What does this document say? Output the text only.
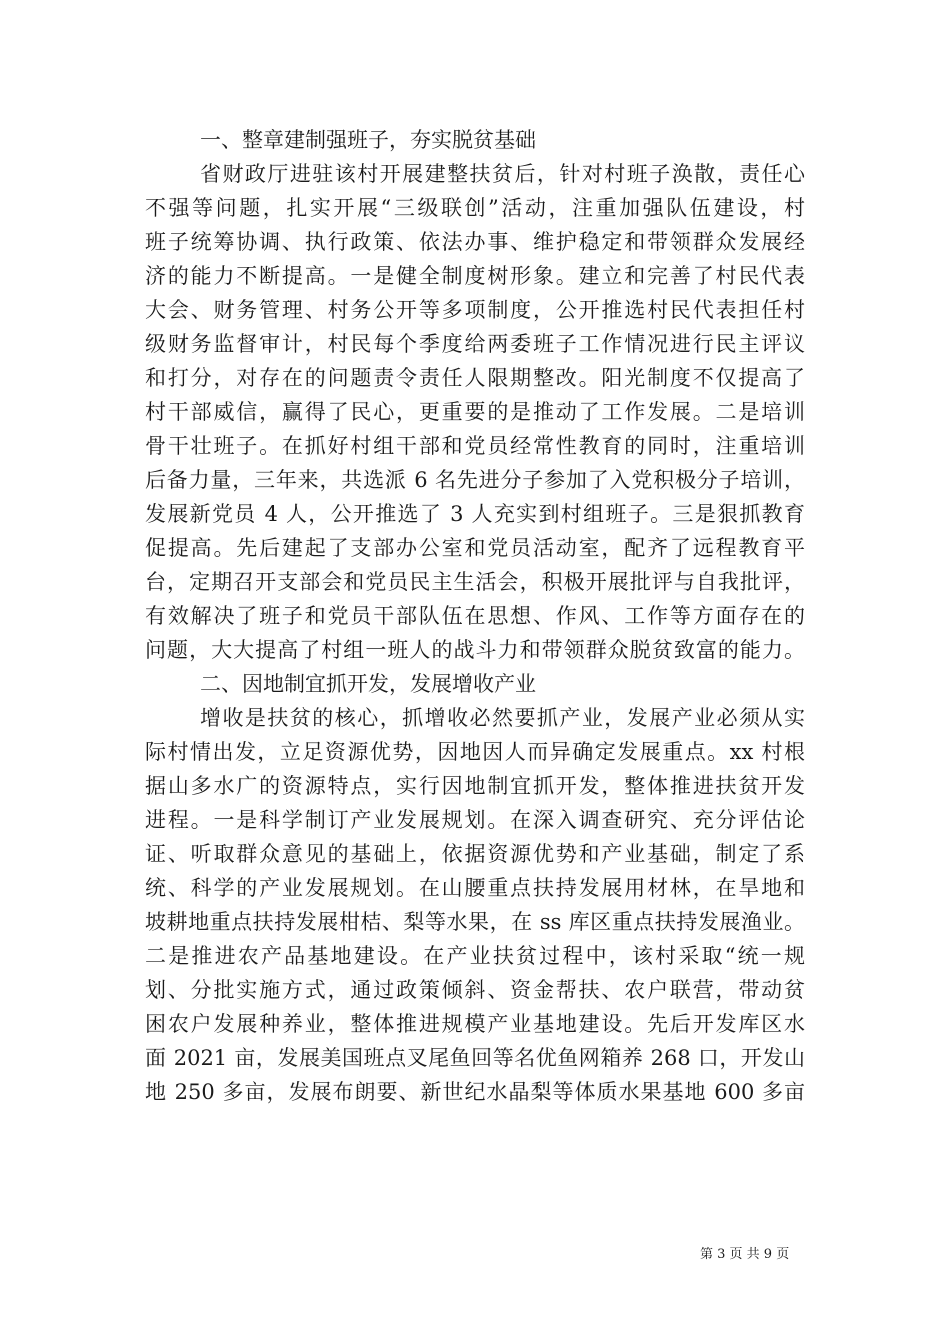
一、整章建制强班子，夯实脱贫基础
省财政厅进驻该村开展建整扶贫后，针对村班子涣散，责任心
不强等问题，扎实开展“三级联创”活动，注重加强队伍建设，村
班子统筹协调、执行政策、依法办事、维护稳定和带领群众发展经
济的能力不断提高。一是健全制度树形象。建立和完善了村民代表
大会、财务管理、村务公开等多项制度，公开推选村民代表担任村
级财务监督审计，村民每个季度给两委班子工作情况进行民主评议
和打分，对存在的问题责令责任人限期整改。阳光制度不仅提高了
村干部威信，赢得了民心，更重要的是推动了工作发展。二是培训
骨干壮班子。在抓好村组干部和党员经常性教育的同时，注重培训
后备力量，三年来，共选派 6 名先进分子参加了入党积极分子培训，
发展新党员 4 人，公开推选了 3 人充实到村组班子。三是狠抓教育
促提高。先后建起了支部办公室和党员活动室，配齐了远程教育平
台，定期召开支部会和党员民主生活会，积极开展批评与自我批评，
有效解决了班子和党员干部队伍在思想、作风、工作等方面存在的
问题，大大提高了村组一班人的战斗力和带领群众脱贫致富的能力。
二、因地制宜抓开发，发展增收产业
增收是扶贫的核心，抓增收必然要抓产业，发展产业必须从实
际村情出发，立足资源优势，因地因人而异确定发展重点。xx 村根
据山多水广的资源特点，实行因地制宜抓开发，整体推进扶贫开发
进程。一是科学制订产业发展规划。在深入调查研究、充分评估论
证、听取群众意见的基础上，依据资源优势和产业基础，制定了系
统、科学的产业发展规划。在山腰重点扶持发展用材林，在旱地和
坡耕地重点扶持发展柑桔、梨等水果，在 ss 库区重点扶持发展渔业。
二是推进农产品基地建设。在产业扶贫过程中，该村采取“统一规
划、分批实施方式，通过政策倾斜、资金帮扶、农户联营，带动贫
困农户发展种养业，整体推进规模产业基地建设。先后开发库区水
面 2021 亩，发展美国班点叉尾鱼回等名优鱼网箱养 268 口，开发山
地 250 多亩，发展布朗要、新世纪水晶梨等体质水果基地 600 多亩
第 3 页 共 9 页
